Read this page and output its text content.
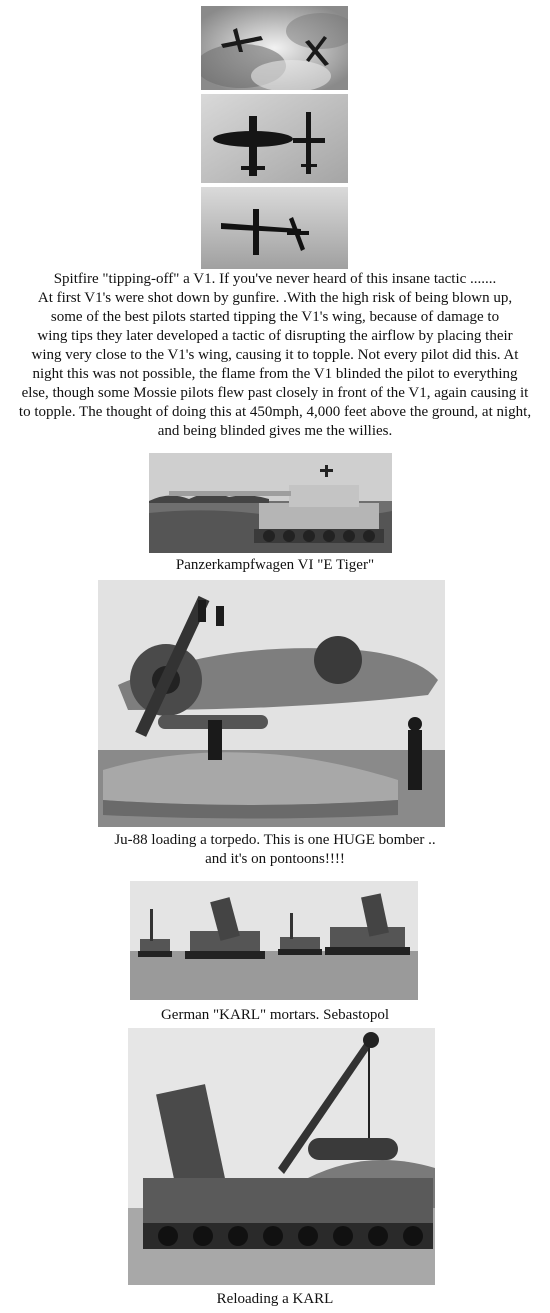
Spitfire "tipping-off" a V1. If you've never heard of this insane tactic .......
At first V1's were shot down by gunfire. .With the high risk of being blown up,
some of the best pilots started tipping the V1's wing, because of damage to
wing tips they later developed a tactic of disrupting the airflow by placing their
wing very close to the V1's wing, causing it to topple. Not every pilot did this. At
night this was not possible, the flame from the V1 blinded the pilot to everything
else, though some Mossie pilots flew past closely in front of the V1, again causing it
to topple. The thought of doing this at 450mph, 4,000 feet above the ground, at night,
and being blinded gives me the willies.
Panzerkampfwagen VI "E Tiger"
Ju-88 loading a torpedo. This is one HUGE bomber ..
and it's on pontoons!!!!
German "KARL" mortars. Sebastopol
Reloading a KARL
